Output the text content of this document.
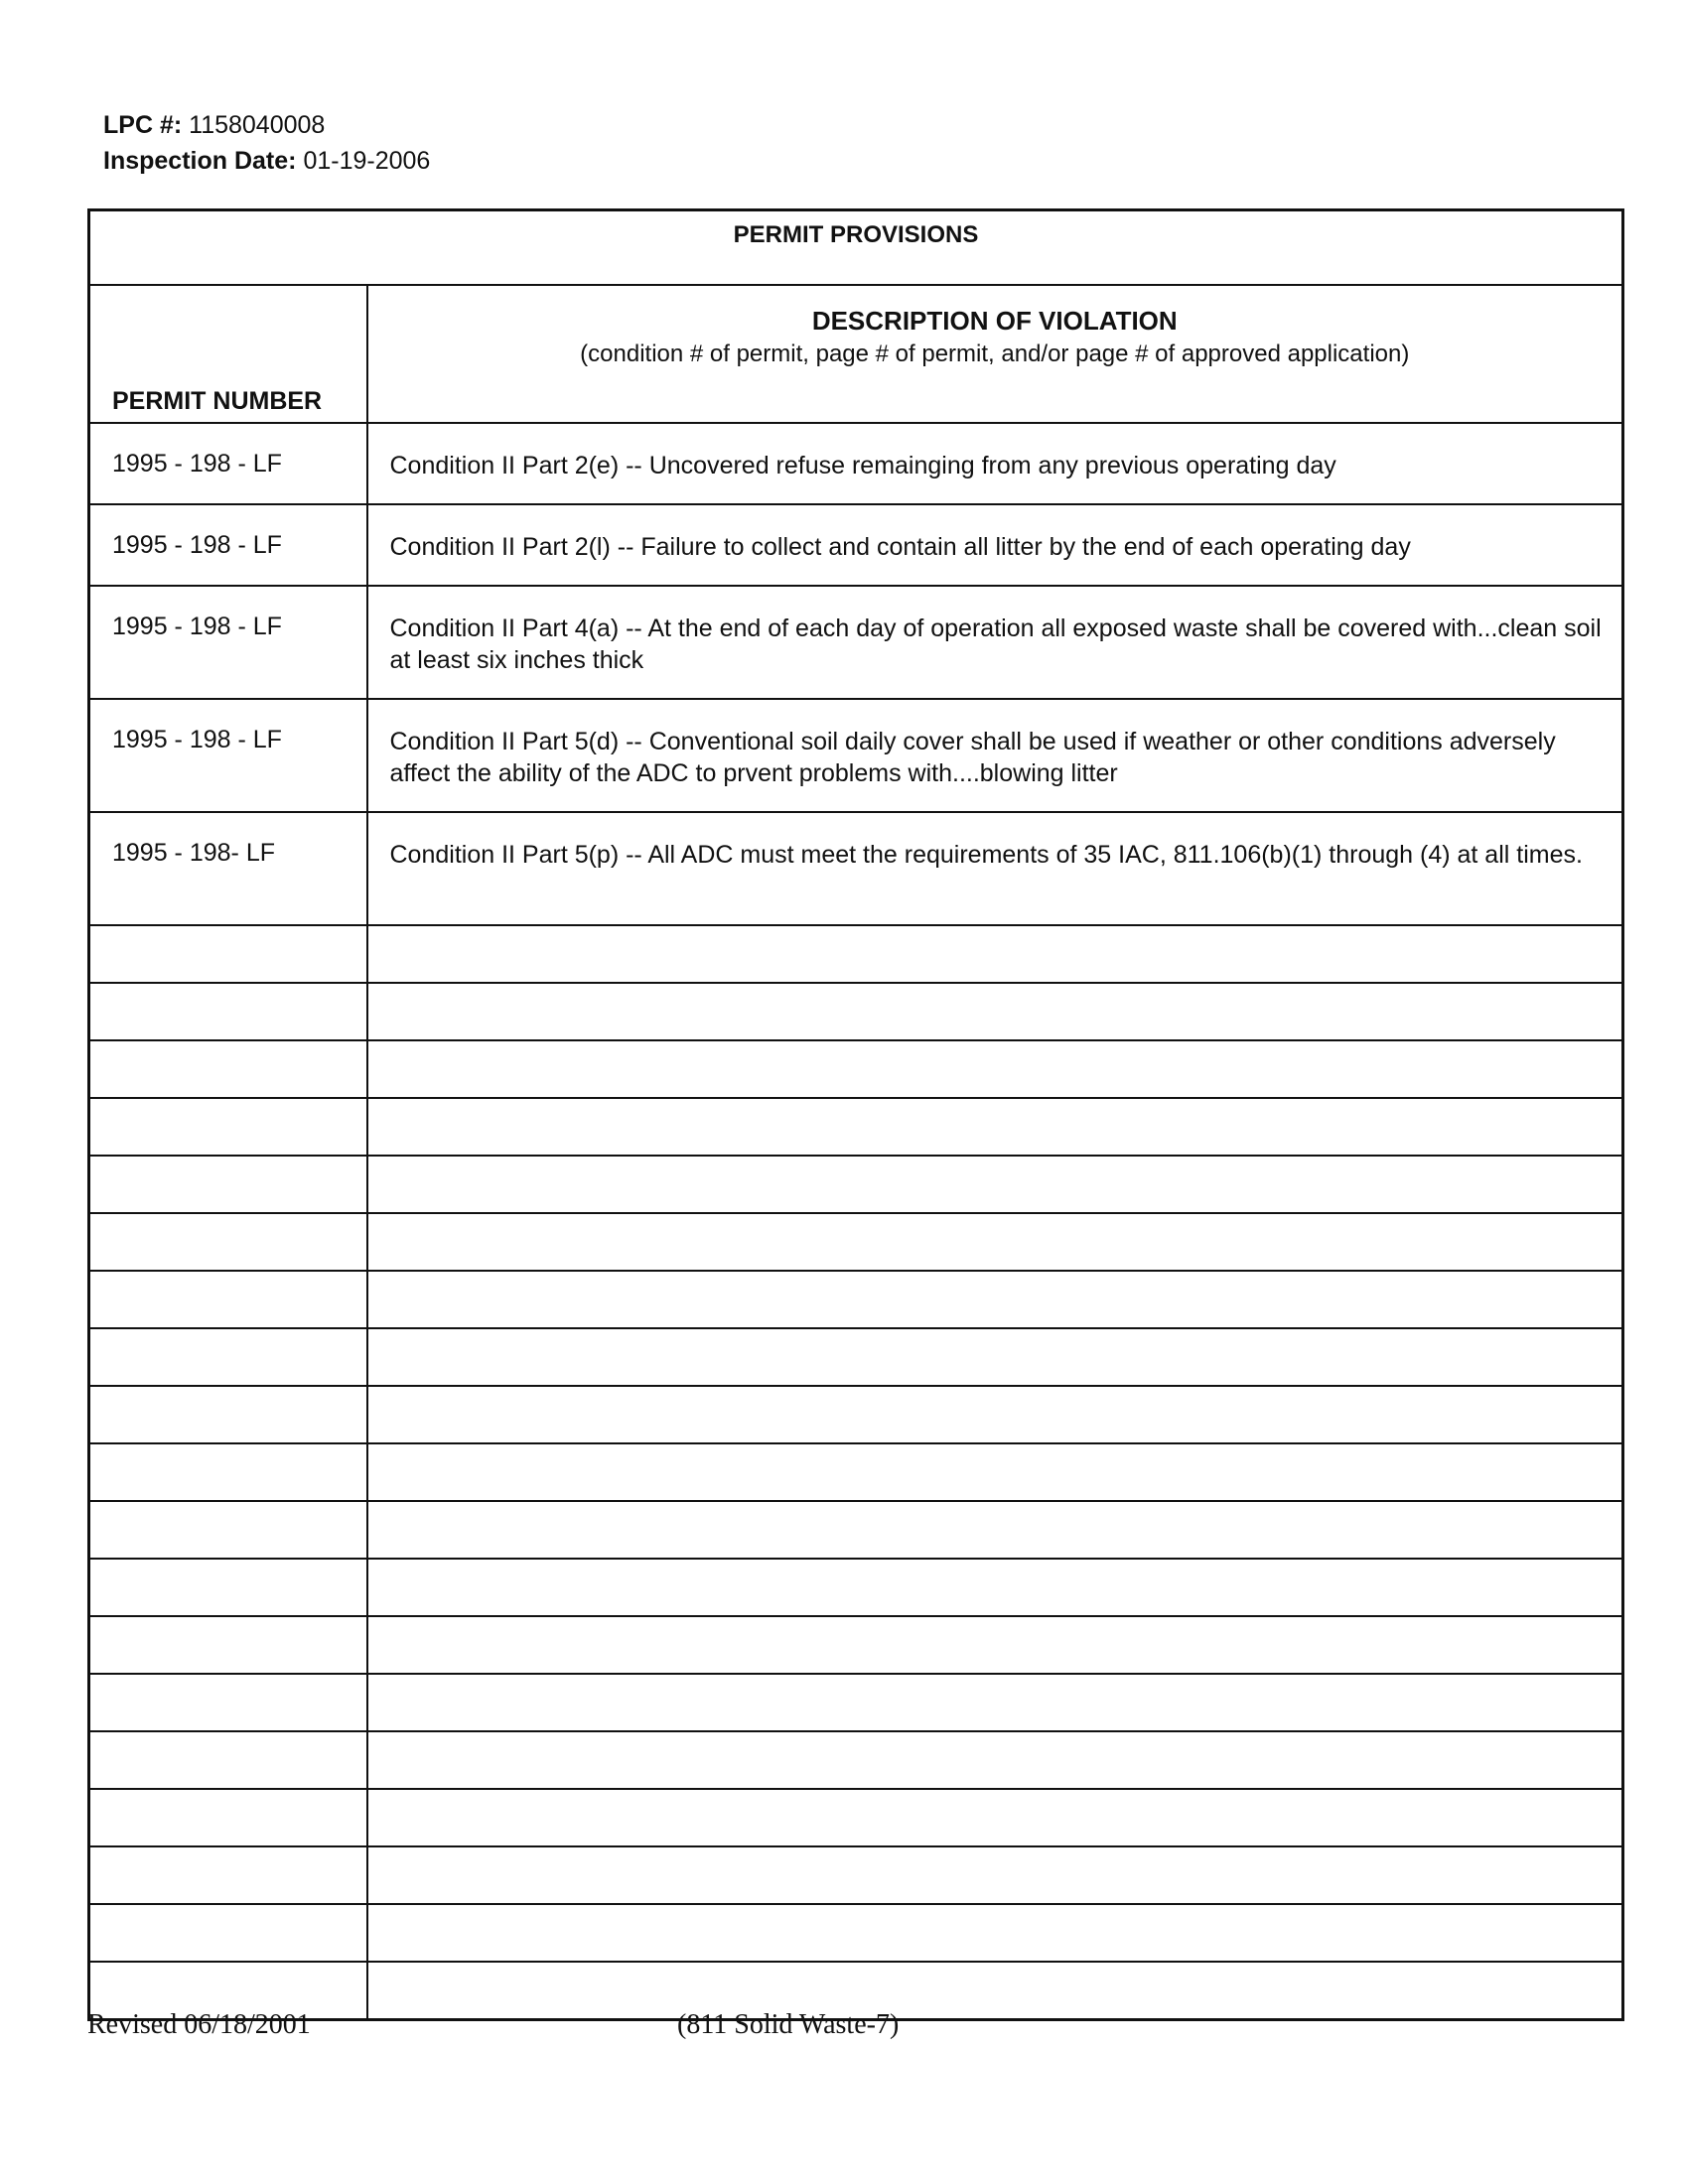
LPC #: 1158040008
Inspection Date: 01-19-2006
PERMIT PROVISIONS	
PERMIT NUMBER	DESCRIPTION OF VIOLATION
(condition # of permit, page # of permit, and/or page # of approved application)

1995 - 198 - LF	Condition II Part 2(e) -- Uncovered refuse remainging from any previous operating day
1995 - 198 - LF	Condition II Part 2(l) -- Failure to collect and contain all litter by the end of each operating day
1995 - 198 - LF	Condition II Part 4(a) -- At the end of each day of operation all exposed waste shall be covered with...clean soil at least six inches thick
1995 - 198 - LF	Condition II Part 5(d) -- Conventional soil daily cover shall be used if weather or other conditions adversely affect the ability of the ADC to prvent problems with....blowing litter
1995 - 198- LF	Condition II Part 5(p) -- All ADC must meet the requirements of 35 IAC, 811.106(b)(1) through (4) at all times.

Revised 06/18/2001	(811 Solid Waste-7)
